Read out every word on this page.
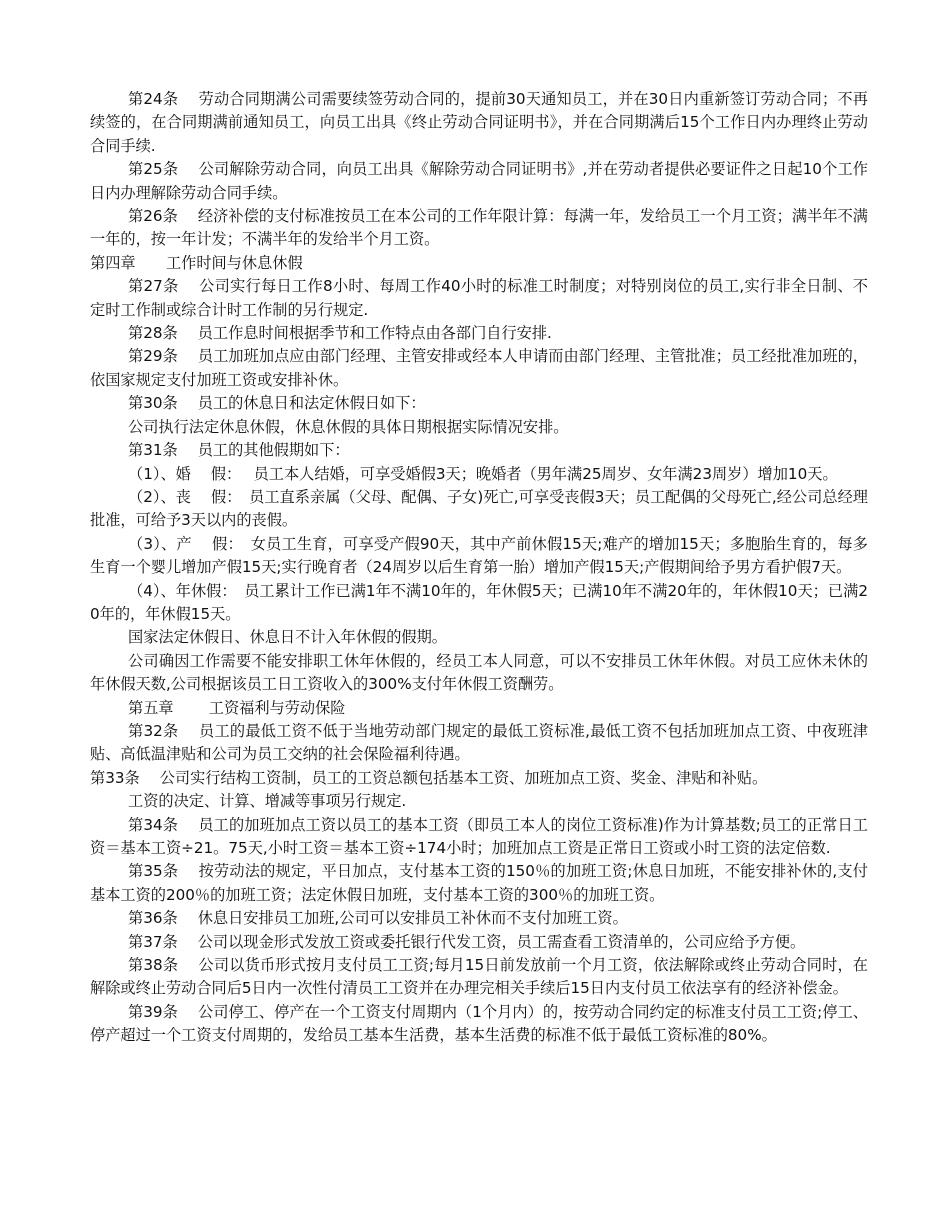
第24条　 劳动合同期满公司需要续签劳动合同的，提前30天通知员工，并在30日内重新签订劳动合同；不再续签的，在合同期满前通知员工，向员工出具《终止劳动合同证明书》，并在合同期满后15个工作日内办理终止劳动合同手续.

第25条　 公司解除劳动合同，向员工出具《解除劳动合同证明书》,并在劳动者提供必要证件之日起10个工作日内办理解除劳动合同手续。

第26条　 经济补偿的支付标准按员工在本公司的工作年限计算：每满一年，发给员工一个月工资；满半年不满一年的，按一年计发；不满半年的发给半个月工资。

第四章　　工作时间与休息休假

第27条　 公司实行每日工作8小时、每周工作40小时的标准工时制度；对特别岗位的员工,实行非全日制、不定时工作制或综合计时工作制的另行规定.

第28条　 员工作息时间根据季节和工作特点由各部门自行安排.

第29条　 员工加班加点应由部门经理、主管安排或经本人申请而由部门经理、主管批准；员工经批准加班的，依国家规定支付加班工资或安排补休。

第30条　 员工的休息日和法定休假日如下：

公司执行法定休息休假，休息休假的具体日期根据实际情况安排。

第31条　 员工的其他假期如下：

（1）、婚　 假：　 员工本人结婚，可享受婚假3天；晚婚者（男年满25周岁、女年满23周岁）增加10天。

（2）、丧　 假：　员工直系亲属（父母、配偶、子女)死亡,可享受丧假3天；员工配偶的父母死亡,经公司总经理批准，可给予3天以内的丧假。

（3）、产　 假：　女员工生育，可享受产假90天，其中产前休假15天;难产的增加15天；多胞胎生育的，每多生育一个婴儿增加产假15天;实行晚育者（24周岁以后生育第一胎）增加产假15天;产假期间给予男方看护假7天。

（4）、年休假：　员工累计工作已满1年不满10年的，年休假5天；已满10年不满20年的，年休假10天；已满20年的，年休假15天。

国家法定休假日、休息日不计入年休假的假期。

公司确因工作需要不能安排职工休年休假的，经员工本人同意，可以不安排员工休年休假。对员工应休未休的年休假天数,公司根据该员工日工资收入的300%支付年休假工资酬劳。

第五章　　 工资福利与劳动保险

第32条　 员工的最低工资不低于当地劳动部门规定的最低工资标准,最低工资不包括加班加点工资、中夜班津贴、高低温津贴和公司为员工交纳的社会保险福利待遇。

第33条　 公司实行结构工资制，员工的工资总额包括基本工资、加班加点工资、奖金、津贴和补贴。

工资的决定、计算、增减等事项另行规定.

第34条　 员工的加班加点工资以员工的基本工资（即员工本人的岗位工资标准)作为计算基数;员工的正常日工资＝基本工资÷21。75天,小时工资＝基本工资÷174小时；加班加点工资是正常日工资或小时工资的法定倍数.

第35条　 按劳动法的规定，平日加点，支付基本工资的150％的加班工资;休息日加班，不能安排补休的,支付基本工资的200％的加班工资；法定休假日加班，支付基本工资的300％的加班工资。

第36条　 休息日安排员工加班,公司可以安排员工补休而不支付加班工资。

第37条　 公司以现金形式发放工资或委托银行代发工资，员工需查看工资清单的，公司应给予方便。

第38条　 公司以货币形式按月支付员工工资;每月15日前发放前一个月工资，依法解除或终止劳动合同时，在解除或终止劳动合同后5日内一次性付清员工工资并在办理完相关手续后15日内支付员工依法享有的经济补偿金。

第39条　 公司停工、停产在一个工资支付周期内（1个月内）的，按劳动合同约定的标准支付员工工资;停工、停产超过一个工资支付周期的，发给员工基本生活费，基本生活费的标准不低于最低工资标准的80%。
